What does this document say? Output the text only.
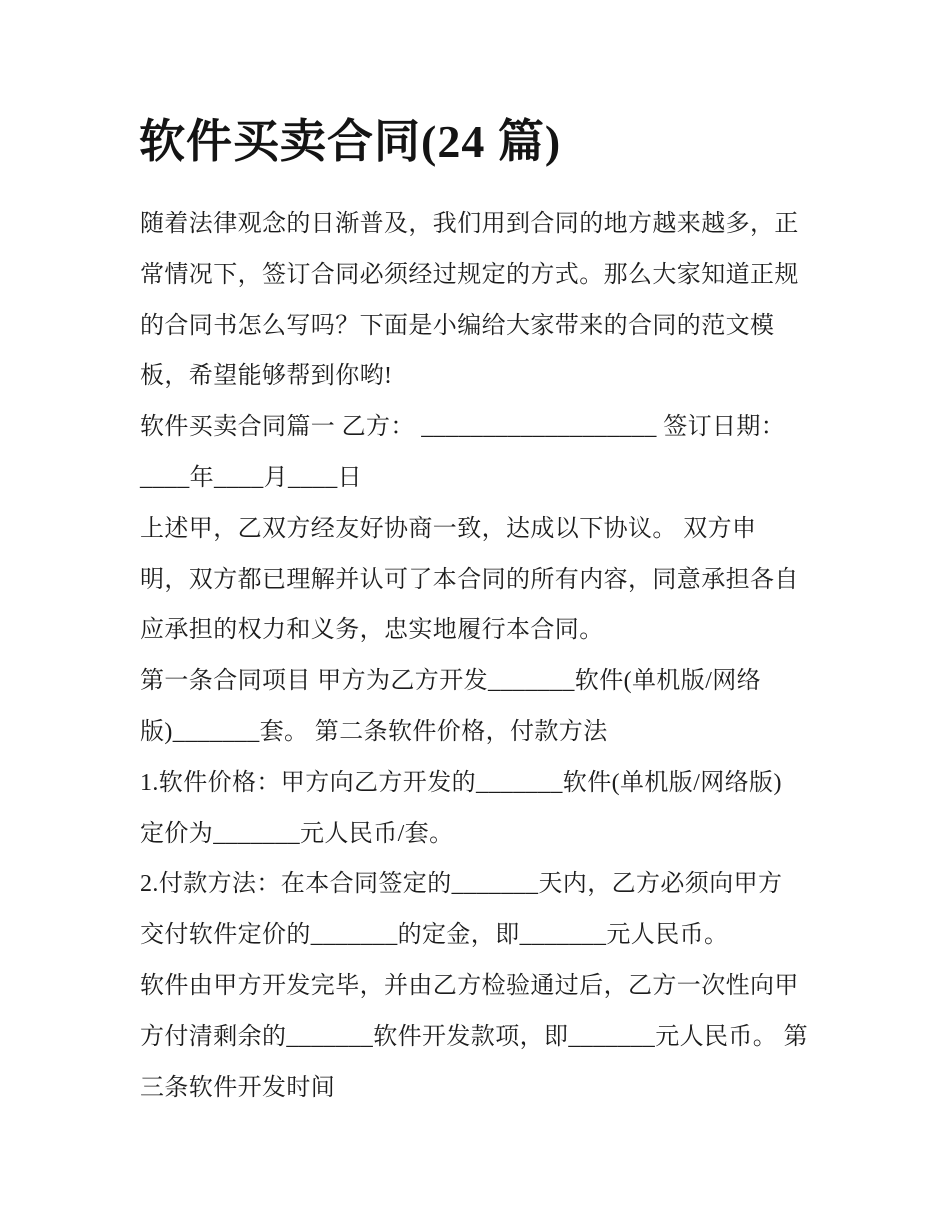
软件买卖合同(24 篇)
随着法律观念的日渐普及，我们用到合同的地方越来越多，正
常情况下，签订合同必须经过规定的方式。那么大家知道正规
的合同书怎么写吗？下面是小编给大家带来的合同的范文模
板，希望能够帮到你哟!
软件买卖合同篇一 乙方： ___________________ 签订日期：
____年____月____日
上述甲，乙双方经友好协商一致，达成以下协议。 双方申
明，双方都已理解并认可了本合同的所有内容，同意承担各自
应承担的权力和义务，忠实地履行本合同。
第一条合同项目 甲方为乙方开发_______软件(单机版/网络
版)_______套。 第二条软件价格，付款方法
1.软件价格：甲方向乙方开发的_______软件(单机版/网络版)
定价为_______元人民币/套。
2.付款方法：在本合同签定的_______天内，乙方必须向甲方
交付软件定价的_______的定金，即_______元人民币。
软件由甲方开发完毕，并由乙方检验通过后，乙方一次性向甲
方付清剩余的_______软件开发款项，即_______元人民币。 第
三条软件开发时间
